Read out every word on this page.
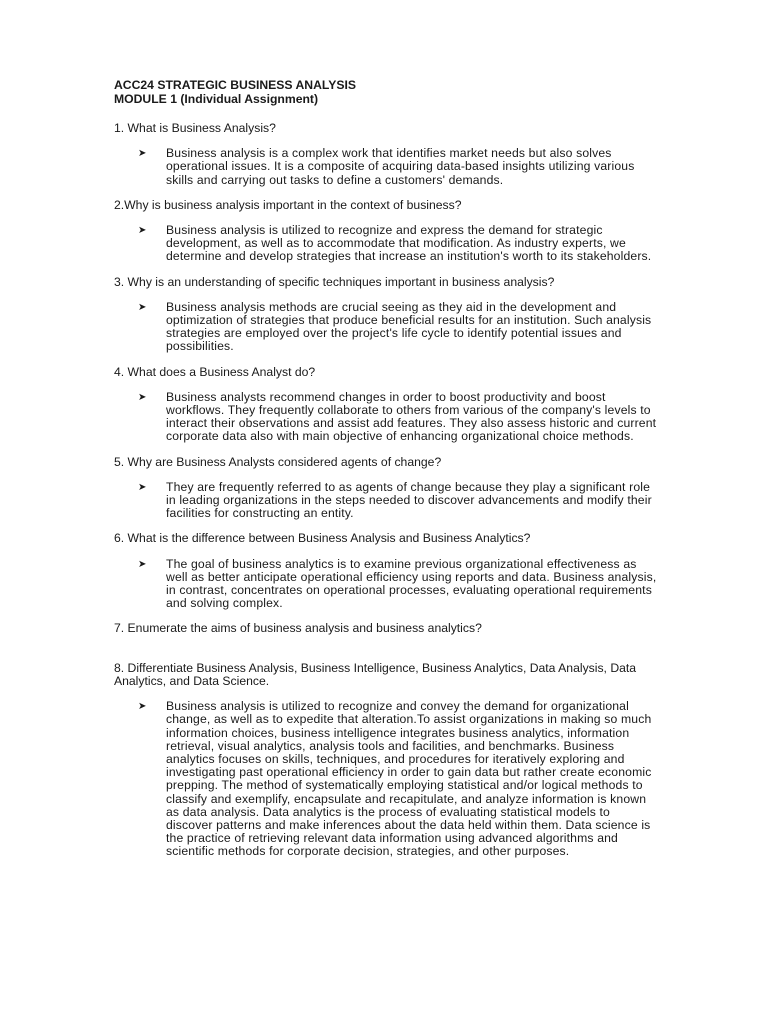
ACC24 STRATEGIC BUSINESS ANALYSIS

MODULE 1 (Individual Assignment)

1. What is Business Analysis?

➤ Business analysis is a complex work that identifies market needs but also solves operational issues. It is a composite of acquiring data-based insights utilizing various skills and carrying out tasks to define a customers' demands.

2.Why is business analysis important in the context of business?

➤ Business analysis is utilized to recognize and express the demand for strategic development, as well as to accommodate that modification. As industry experts, we determine and develop strategies that increase an institution's worth to its stakeholders.

3. Why is an understanding of specific techniques important in business analysis?

➤ Business analysis methods are crucial seeing as they aid in the development and optimization of strategies that produce beneficial results for an institution. Such analysis strategies are employed over the project's life cycle to identify potential issues and possibilities.

4. What does a Business Analyst do?

➤ Business analysts recommend changes in order to boost productivity and boost workflows. They frequently collaborate to others from various of the company's levels to interact their observations and assist add features. They also assess historic and current corporate data also with main objective of enhancing organizational choice methods.

5. Why are Business Analysts considered agents of change?

➤ They are frequently referred to as agents of change because they play a significant role in leading organizations in the steps needed to discover advancements and modify their facilities for constructing an entity.

6. What is the difference between Business Analysis and Business Analytics?

➤ The goal of business analytics is to examine previous organizational effectiveness as well as better anticipate operational efficiency using reports and data. Business analysis, in contrast, concentrates on operational processes, evaluating operational requirements and solving complex.

7. Enumerate the aims of business analysis and business analytics?

8. Differentiate Business Analysis, Business Intelligence, Business Analytics, Data Analysis, Data Analytics, and Data Science.

➤ Business analysis is utilized to recognize and convey the demand for organizational change, as well as to expedite that alteration.To assist organizations in making so much information choices, business intelligence integrates business analytics, information retrieval, visual analytics, analysis tools and facilities, and benchmarks. Business analytics focuses on skills, techniques, and procedures for iteratively exploring and investigating past operational efficiency in order to gain data but rather create economic prepping. The method of systematically employing statistical and/or logical methods to classify and exemplify, encapsulate and recapitulate, and analyze information is known as data analysis. Data analytics is the process of evaluating statistical models to discover patterns and make inferences about the data held within them. Data science is the practice of retrieving relevant data information using advanced algorithms and scientific methods for corporate decision, strategies, and other purposes.
